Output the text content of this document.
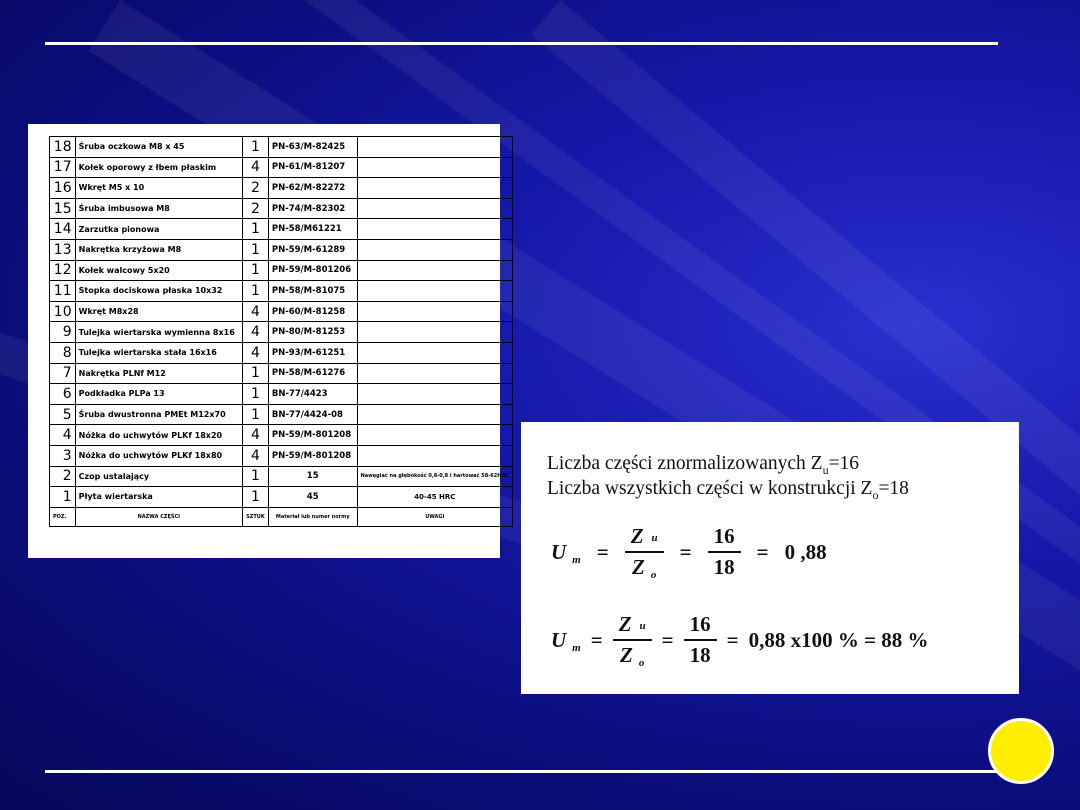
18	Śruba oczkowa M8 x 45	1	PN-63/M-82425	
17	Kołek oporowy z łbem płaskim	4	PN-61/M-81207	
16	Wkręt M5 x 10	2	PN-62/M-82272	
15	Śruba imbusowa M8	2	PN-74/M-82302	
14	Zarzutka pionowa	1	PN-58/M61221	
13	Nakrętka krzyżowa M8	1	PN-59/M-61289	
12	Kołek walcowy 5x20	1	PN-59/M-801206	
11	Stopka dociskowa płaska 10x32	1	PN-58/M-81075	
10	Wkręt M8x28	4	PN-60/M-81258	
9	Tulejka wiertarska wymienna 8x16	4	PN-80/M-81253	
8	Tulejka wiertarska stała 16x16	4	PN-93/M-61251	
7	Nakrętka PLNf M12	1	PN-58/M-61276	
6	Podkładka PLPa 13	1	BN-77/4423	
5	Śruba dwustronna PMEt M12x70	1	BN-77/4424-08	
4	Nóżka do uchwytów PLKf 18x20	4	PN-59/M-801208	
3	Nóżka do uchwytów PLKf 18x80	4	PN-59/M-801208	
2	Czop ustalający	1	15	Nawęglać na głębokość 0,8-0,8 i hartować 58-62HRC
1	Płyta wiertarska	1	45	40-45 HRC
POZ.	NAZWA CZĘŚCI	SZTUK	Materiał lub numer normy	UWAGI
Liczba części znormalizowanych $Z_u=16$
Liczba wszystkich części w konstrukcji $Z_o=18$
U $m = \frac{\text{Z u}}{\text{Z o}} = \frac{16}{18} = 0$ ,88
U $m = \frac{\text{Z u}}{\text{Z o}} = \frac{16}{18} = 0,88$ x100 % = 88 %
